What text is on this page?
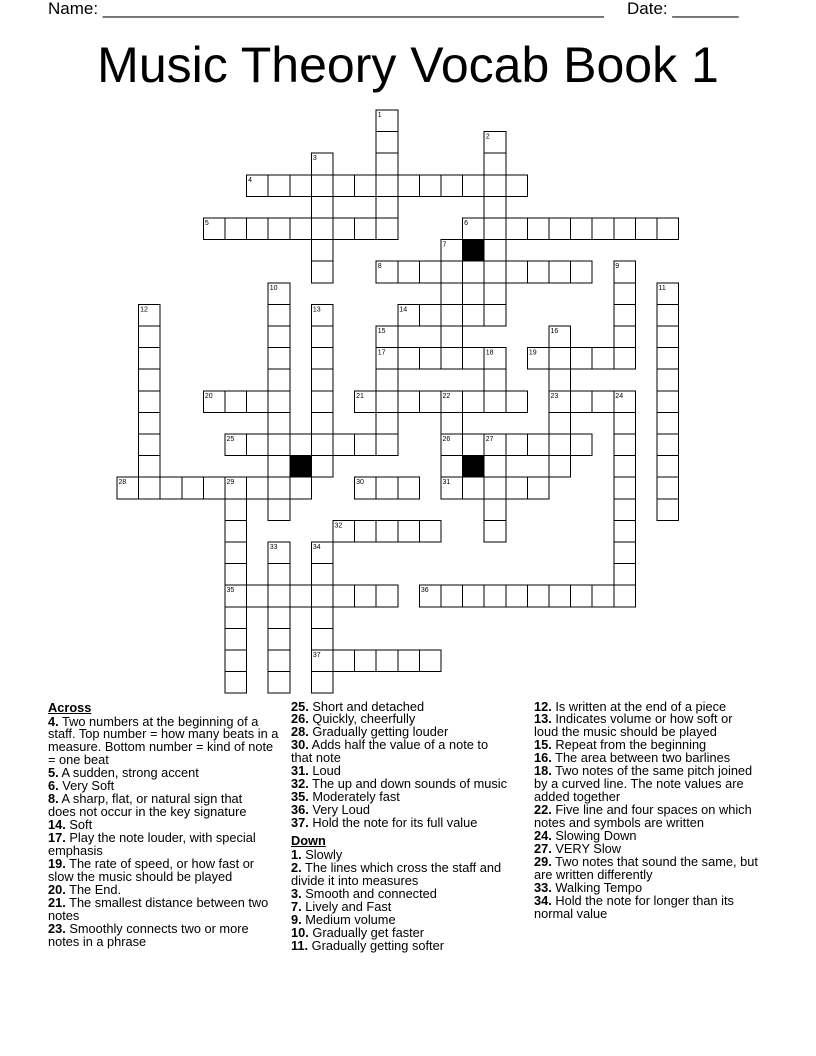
Name: _____________________________________________________ Date: _______
Music Theory Vocab Book 1
1
2
3
4
5	6
7
8	9
10	11
12	13	14
15	16
17	18	19
20	21	22	23	24
25	26	27
28	29	30	31
32
33	34
35	36
37
Across
4. Two numbers at the beginning of a
staff. Top number = how many beats in a
measure. Bottom number = kind of note
= one beat
5. A sudden, strong accent
6. Very Soft
8. A sharp, flat, or natural sign that
does not occur in the key signature
14. Soft
17. Play the note louder, with special
emphasis
19. The rate of speed, or how fast or
slow the music should be played
20. The End.
21. The smallest distance between two
notes
23. Smoothly connects two or more
notes in a phrase
25. Short and detached
26. Quickly, cheerfully
28. Gradually getting louder
30. Adds half the value of a note to
that note
31. Loud
32. The up and down sounds of music
35. Moderately fast
36. Very Loud
37. Hold the note for its full value
Down
1. Slowly
2. The lines which cross the staff and
divide it into measures
3. Smooth and connected
7. Lively and Fast
9. Medium volume
10. Gradually get faster
11. Gradually getting softer
12. Is written at the end of a piece
13. Indicates volume or how soft or
loud the music should be played
15. Repeat from the beginning
16. The area between two barlines
18. Two notes of the same pitch joined
by a curved line. The note values are
added together
22. Five line and four spaces on which
notes and symbols are written
24. Slowing Down
27. VERY Slow
29. Two notes that sound the same, but
are written differently
33. Walking Tempo
34. Hold the note for longer than its
normal value
